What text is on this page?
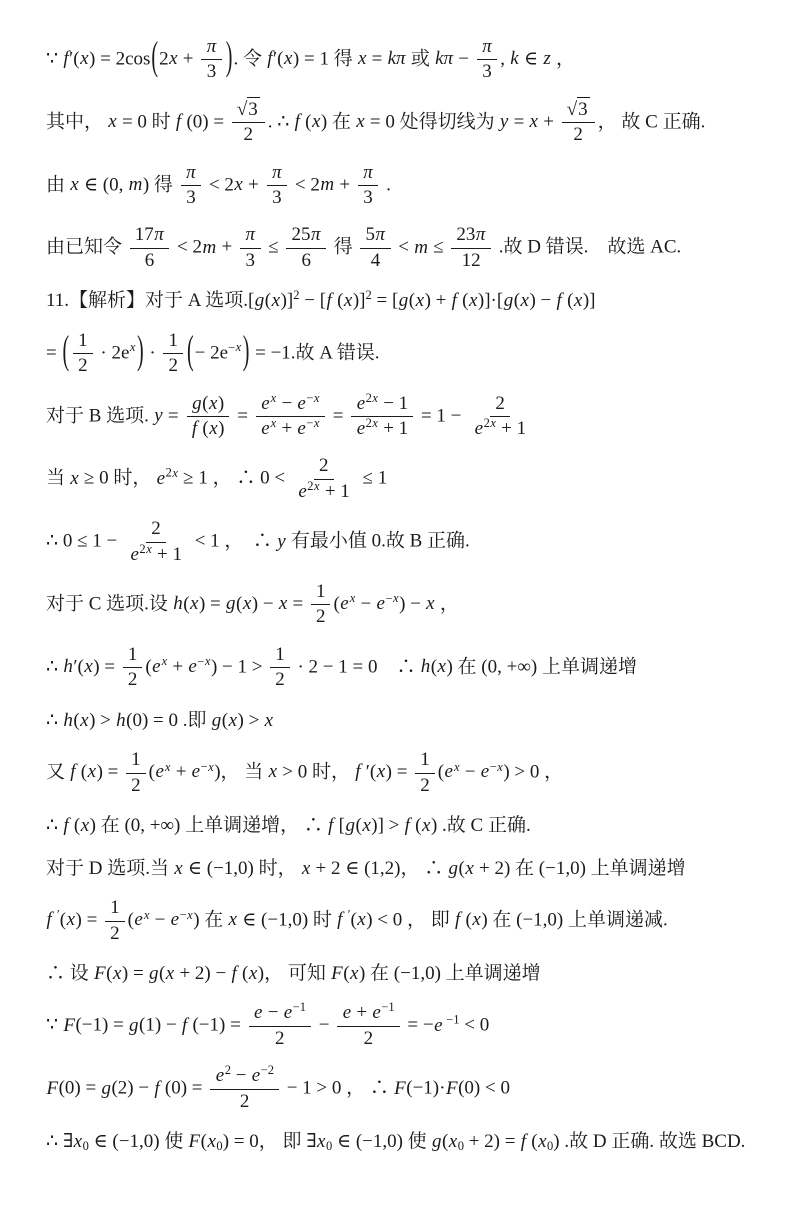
∵ $f'(x) = 2\cos(2x + \frac{\pi}{3}$ ). 令 f′(x) = 1 得 x = kπ 或 $k\pi - \frac{\pi}{3}$ , k ∈ z ，

其中， x = 0 时 f $(0) = \frac{√3}{2}$ . ∴ f (x) 在 x = 0 处得切线为 $y = x + \frac{√3}{2}$ ， 故 C 正确.

由 x ∈ (0, m) 得 $\frac{\pi}{3} < 2x + \frac{\pi}{3} < 2m + \frac{\pi}{3}$ .

由已知令 $\frac{17\pi}{6} < 2m + \frac{\pi}{3} \le \frac{25\pi}{6}$ 得 $\frac{5\pi}{4} < m \le \frac{23\pi}{12}$ .故 D 错误.　故选 AC.

11.【解析】对于 A 选项$.[g(x)]^2 - [f$ (x)]$^2$ = [g(x) + f (x)]·[g(x) − f (x)]

= ( $\frac{1}{2} \cdot 2e^x) \cdot \frac{1}{2}$ (− $2e^{-x}) = -1$.故 A 错误.

对于 B 选项. $y = \frac{g(x)}{f (x)} = \frac{e^x - e^{-x}}{e^x + e^{-x}} = \frac{e^{2x} - 1}{e^{2x} + 1} = 1 - \frac{2}{e^{2x} + 1}$

当 x ≥ 0 时， $e^{2x} \ge 1$ ， ∴ $0 < \frac{2}{e^{2x} + 1} \le 1$

∴ $0 \le 1 - \frac{2}{e^{2x} + 1} < 1$ ，　∴ y 有最小值 0.故 B 正确.

对于 C 选项.设 $h(x) = g(x) - x = \frac{1}{2} (e^x - e^{-x}) - x$ ，

∴ $h'(x) = \frac{1}{2} (e^x + e^{-x}) - 1 > \frac{1}{2} \cdot 2 - 1 = 0$　∴ h(x) 在 (0, +∞) 上单调递增

∴ h(x) > h(0) = 0 .即 g(x) > x

又 f $(x) = \frac{1}{2} (e^x + e^{-x})$， 当 x > 0 时， f $'(x) = \frac{1}{2} (e^x - e^{-x}) > 0$ ，

∴ f (x) 在 (0, +∞) 上单调递增， ∴ f [g(x)] > f (x) .故 C 正确.

对于 D 选项.当 x ∈ (−1,0) 时， x + 2 ∈ (1,2)， ∴ g(x + 2) 在 (−1,0) 上单调递增

f $'(x) = \frac{1}{2} (e^x - e^{-x})$ 在 x ∈ (−1,0) 时 f ′(x) < 0 ， 即 f (x) 在 (−1,0) 上单调递减.

∴ 设 F(x) = g(x + 2) − f (x)， 可知 F(x) 在 (−1,0) 上单调递增

∵ F(−1) = g(1) − f $(-1) = \frac{e - e^{-1}}{2} - \frac{e + e^{-1}}{2} = -e$ $^{-1}$ < 0

F(0) = g(2) − f $(0) = \frac{e^2 - e^{-2}}{2} - 1 > 0$ ， ∴ F(−1)·F(0) < 0

∴ $\exists x_0$ ∈ (−1,0) 使 $F(x_0) = 0$， 即 $\exists x_0$ ∈ (−1,0) 使 $g(x_0 + 2) = f$ $(x_0)$ .故 D 正确. 故选 BCD.
